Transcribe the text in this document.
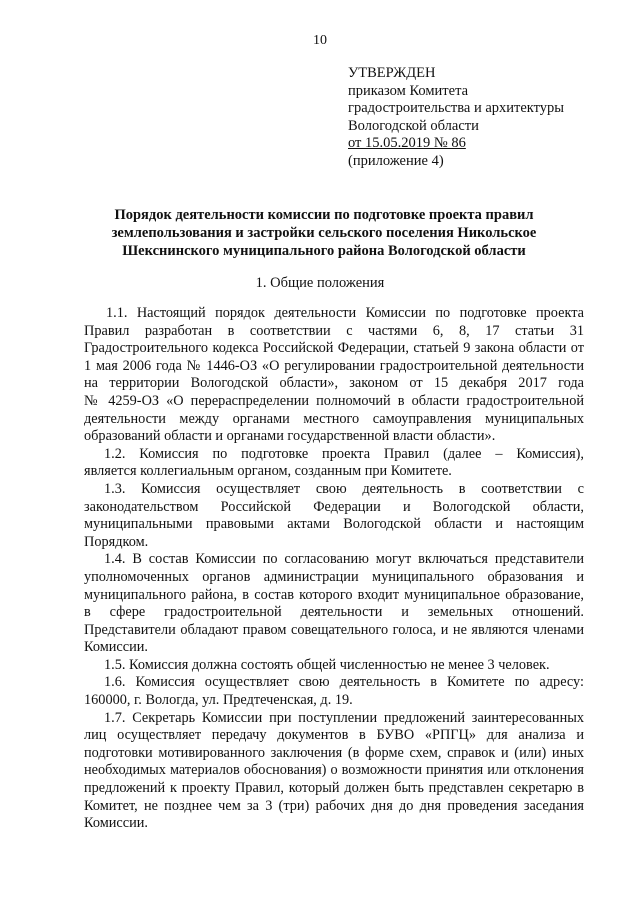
10
УТВЕРЖДЕН
приказом Комитета
градостроительства и архитектуры
Вологодской области
от 15.05.2019 № 86
(приложение 4)
Порядок деятельности комиссии по подготовке проекта правил
землепользования и застройки сельского поселения Никольское
Шекснинского муниципального района Вологодской области
1. Общие положения
1.1. Настоящий порядок деятельности Комиссии по подготовке проекта
Правил разработан в соответствии с частями 6, 8, 17 статьи 31
Градостроительного кодекса Российской Федерации, статьей 9 закона области от
1 мая 2006 года № 1446-ОЗ «О регулировании градостроительной деятельности
на территории Вологодской области», законом от 15 декабря 2017 года
№ 4259-ОЗ «О перераспределении полномочий в области градостроительной
деятельности между органами местного самоуправления муниципальных
образований области и органами государственной власти области».
1.2. Комиссия по подготовке проекта Правил (далее – Комиссия),
является коллегиальным органом, созданным при Комитете.
1.3. Комиссия осуществляет свою деятельность в соответствии с
законодательством Российской Федерации и Вологодской области,
муниципальными правовыми актами Вологодской области и настоящим
Порядком.
1.4. В состав Комиссии по согласованию могут включаться представители
уполномоченных органов администрации муниципального образования и
муниципального района, в состав которого входит муниципальное образование,
в сфере градостроительной деятельности и земельных отношений.
Представители обладают правом совещательного голоса, и не являются членами
Комиссии.
1.5. Комиссия должна состоять общей численностью не менее 3 человек.
1.6. Комиссия осуществляет свою деятельность в Комитете по адресу:
160000, г. Вологда, ул. Предтеченская, д. 19.
1.7. Секретарь Комиссии при поступлении предложений заинтересованных
лиц осуществляет передачу документов в БУВО «РПГЦ» для анализа и
подготовки мотивированного заключения (в форме схем, справок и (или) иных
необходимых материалов обоснования) о возможности принятия или отклонения
предложений к проекту Правил, который должен быть представлен секретарю в
Комитет, не позднее чем за 3 (три) рабочих дня до дня проведения заседания
Комиссии.
